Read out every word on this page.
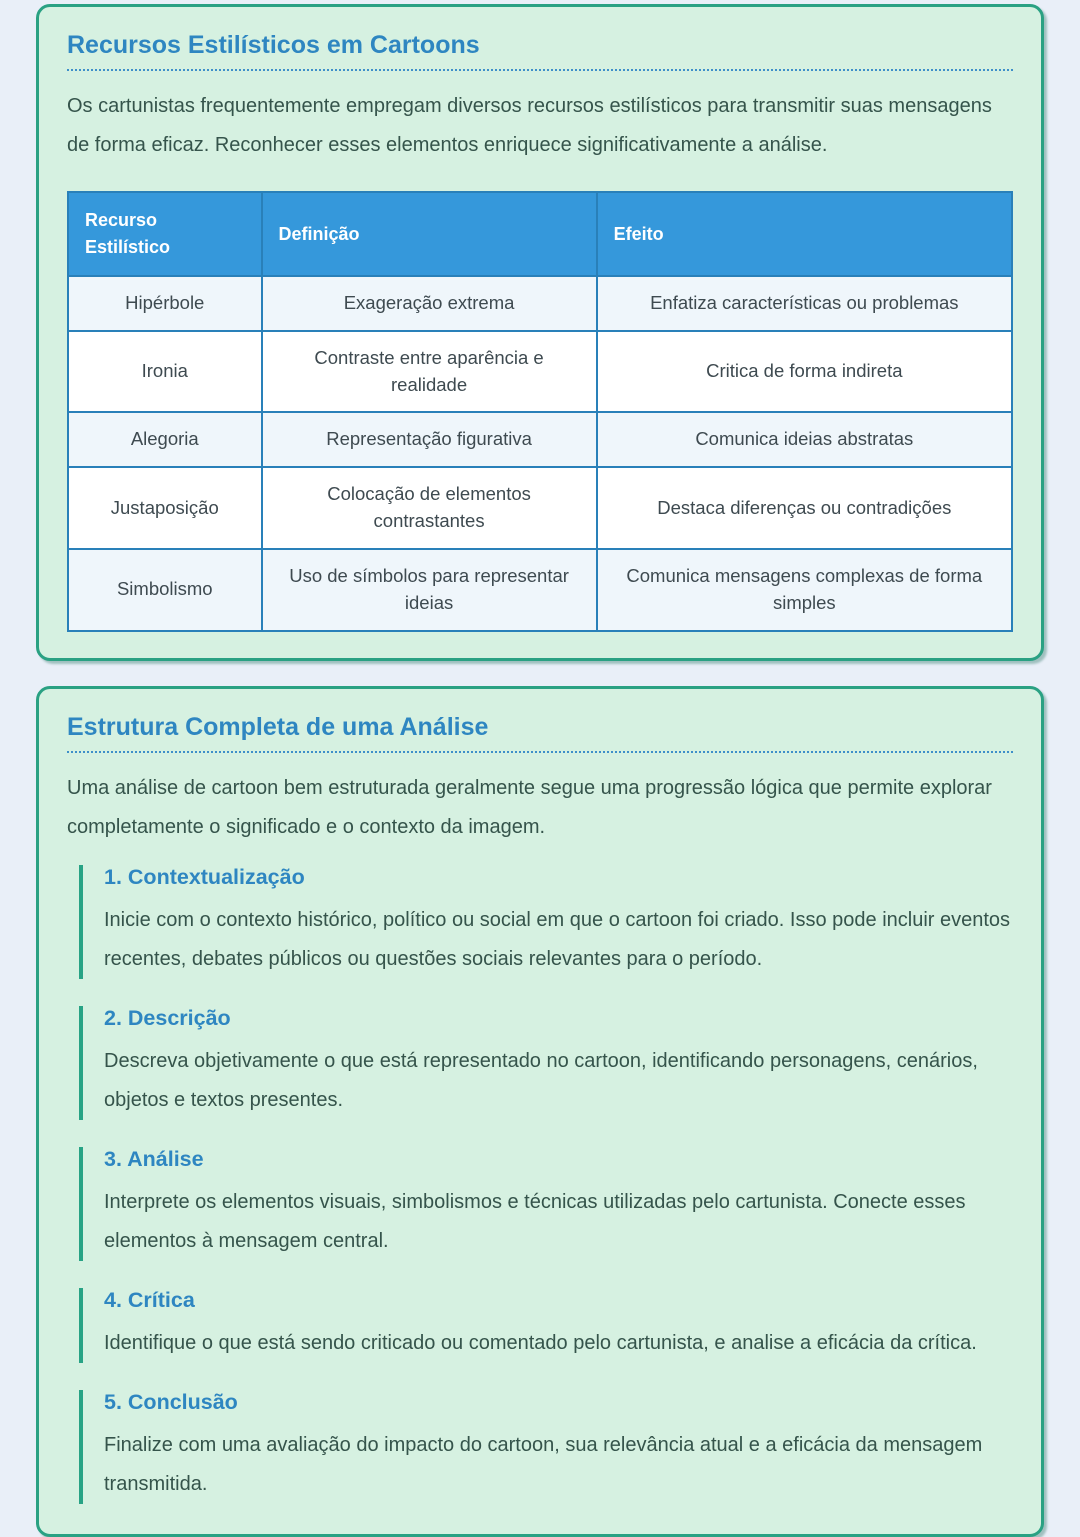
Recursos Estilísticos em Cartoons

Os cartunistas frequentemente empregam diversos recursos estilísticos para transmitir suas mensagens de forma eficaz. Reconhecer esses elementos enriquece significativamente a análise.

Recurso Estilístico	Definição	Efeito
Hipérbole	Exageração extrema	Enfatiza características ou problemas
Ironia	Contraste entre aparência e realidade	Critica de forma indireta
Alegoria	Representação figurativa	Comunica ideias abstratas
Justaposição	Colocação de elementos contrastantes	Destaca diferenças ou contradições
Simbolismo	Uso de símbolos para representar ideias	Comunica mensagens complexas de forma simples
Estrutura Completa de uma Análise

Uma análise de cartoon bem estruturada geralmente segue uma progressão lógica que permite explorar completamente o significado e o contexto da imagem.

1. Contextualização

Inicie com o contexto histórico, político ou social em que o cartoon foi criado. Isso pode incluir eventos recentes, debates públicos ou questões sociais relevantes para o período.

2. Descrição

Descreva objetivamente o que está representado no cartoon, identificando personagens, cenários, objetos e textos presentes.

3. Análise

Interprete os elementos visuais, simbolismos e técnicas utilizadas pelo cartunista. Conecte esses elementos à mensagem central.

4. Crítica

Identifique o que está sendo criticado ou comentado pelo cartunista, e analise a eficácia da crítica.

5. Conclusão

Finalize com uma avaliação do impacto do cartoon, sua relevância atual e a eficácia da mensagem transmitida.
